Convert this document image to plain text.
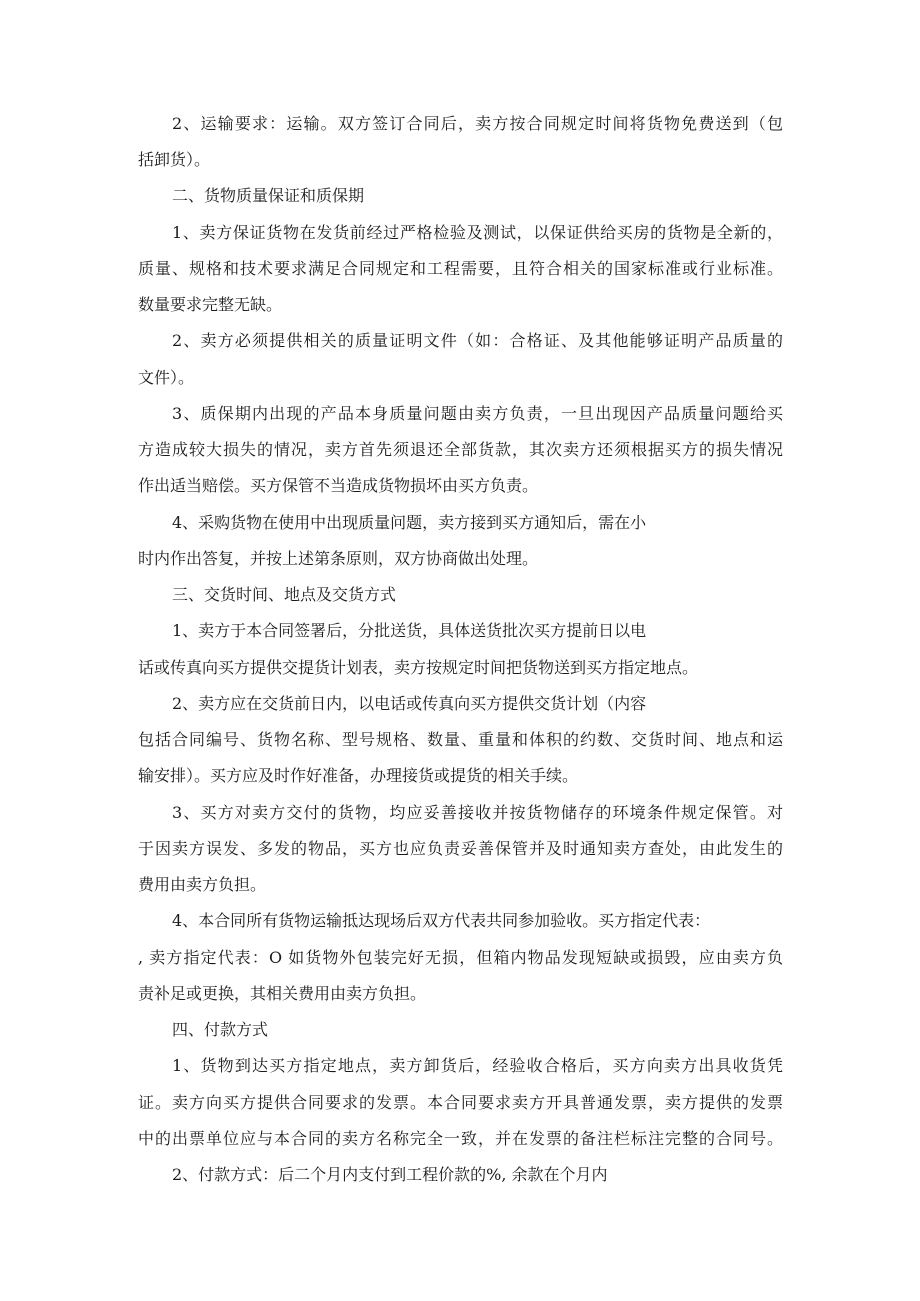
2、运输要求：运输。双方签订合同后，卖方按合同规定时间将货物免费送到（包
括卸货）。
二、货物质量保证和质保期
1、卖方保证货物在发货前经过严格检验及测试，以保证供给买房的货物是全新的，
质量、规格和技术要求满足合同规定和工程需要，且符合相关的国家标准或行业标准。
数量要求完整无缺。
2、卖方必须提供相关的质量证明文件（如：合格证、及其他能够证明产品质量的
文件）。
3、质保期内出现的产品本身质量问题由卖方负责，一旦出现因产品质量问题给买
方造成较大损失的情况，卖方首先须退还全部货款，其次卖方还须根据买方的损失情况
作出适当赔偿。买方保管不当造成货物损坏由买方负责。
4、采购货物在使用中出现质量问题，卖方接到买方通知后，需在小
时内作出答复，并按上述第条原则，双方协商做出处理。
三、交货时间、地点及交货方式
1、卖方于本合同签署后，分批送货，具体送货批次买方提前日以电
话或传真向买方提供交提货计划表，卖方按规定时间把货物送到买方指定地点。
2、卖方应在交货前日内，以电话或传真向买方提供交货计划（内容
包括合同编号、货物名称、型号规格、数量、重量和体积的约数、交货时间、地点和运
输安排）。买方应及时作好准备，办理接货或提货的相关手续。
3、买方对卖方交付的货物，均应妥善接收并按货物储存的环境条件规定保管。对
于因卖方误发、多发的物品，买方也应负责妥善保管并及时通知卖方查处，由此发生的
费用由卖方负担。
4、本合同所有货物运输抵达现场后双方代表共同参加验收。买方指定代表：
, 卖方指定代表：O 如货物外包装完好无损，但箱内物品发现短缺或损毁，应由卖方负
责补足或更换，其相关费用由卖方负担。
四、付款方式
1、货物到达买方指定地点，卖方卸货后，经验收合格后，买方向卖方出具收货凭
证。卖方向买方提供合同要求的发票。本合同要求卖方开具普通发票，卖方提供的发票
中的出票单位应与本合同的卖方名称完全一致，并在发票的备注栏标注完整的合同号。
2、付款方式：后二个月内支付到工程价款的%, 余款在个月内
